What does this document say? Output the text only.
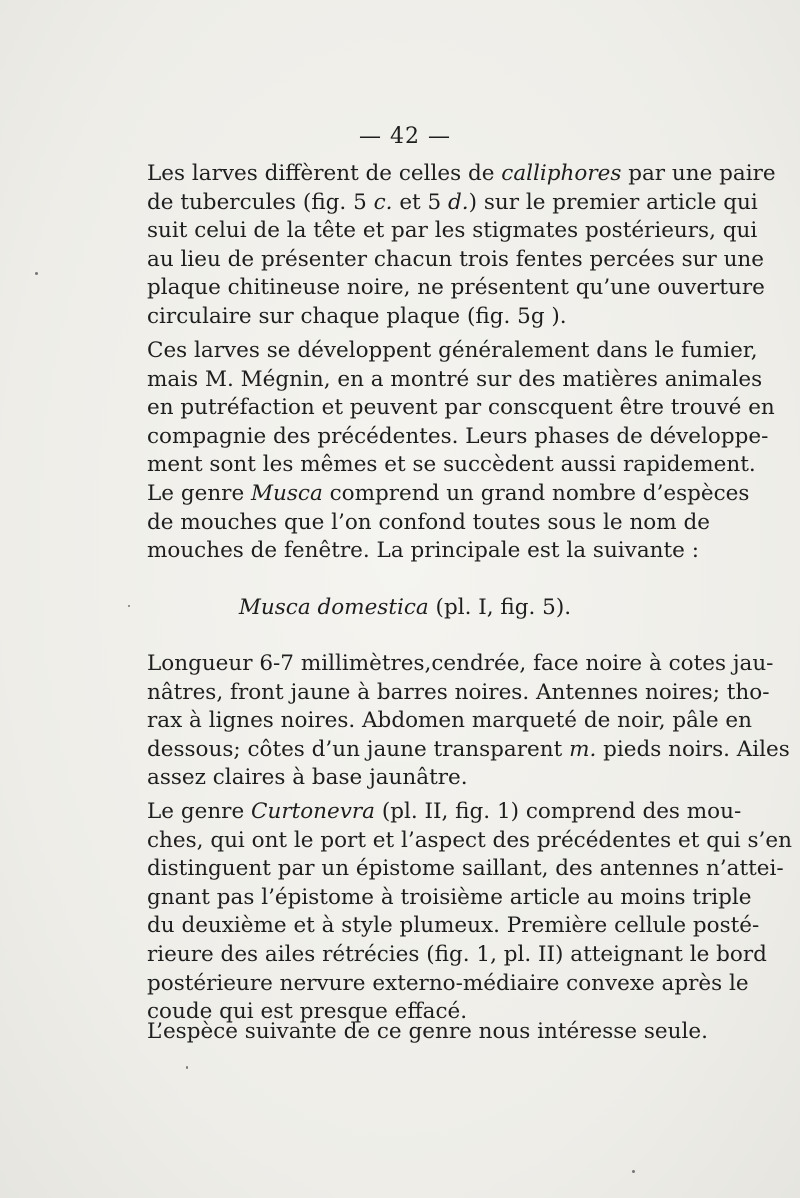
— 42 —
Les larves diffèrent de celles de calliphores par une paire
de tubercules (fig. 5 c. et 5 d.) sur le premier article qui
suit celui de la tête et par les stigmates postérieurs, qui
au lieu de présenter chacun trois fentes percées sur une
plaque chitineuse noire, ne présentent qu’une ouverture
circulaire sur chaque plaque (fig. 5g ).
Ces larves se développent généralement dans le fumier,
mais M. Mégnin, en a montré sur des matières animales
en putréfaction et peuvent par conscquent être trouvé en
compagnie des précédentes. Leurs phases de développe-
ment sont les mêmes et se succèdent aussi rapidement.
Le genre Musca comprend un grand nombre d’espèces
de mouches que l’on confond toutes sous le nom de
mouches de fenêtre. La principale est la suivante :
Musca domestica (pl. I, fig. 5).
Longueur 6-7 millimètres,cendrée, face noire à cotes jau-
nâtres, front jaune à barres noires. Antennes noires; tho-
rax à lignes noires. Abdomen marqueté de noir, pâle en
dessous; côtes d’un jaune transparent m. pieds noirs. Ailes
assez claires à base jaunâtre.
Le genre Curtonevra (pl. II, fig. 1) comprend des mou-
ches, qui ont le port et l’aspect des précédentes et qui s’en
distinguent par un épistome saillant, des antennes n’attei-
gnant pas l’épistome à troisième article au moins triple
du deuxième et à style plumeux. Première cellule posté-
rieure des ailes rétrécies (fig. 1, pl. II) atteignant le bord
postérieure nervure externo-médiaire convexe après le
coude qui est presque effacé.
L’espèce suivante de ce genre nous intéresse seule.
